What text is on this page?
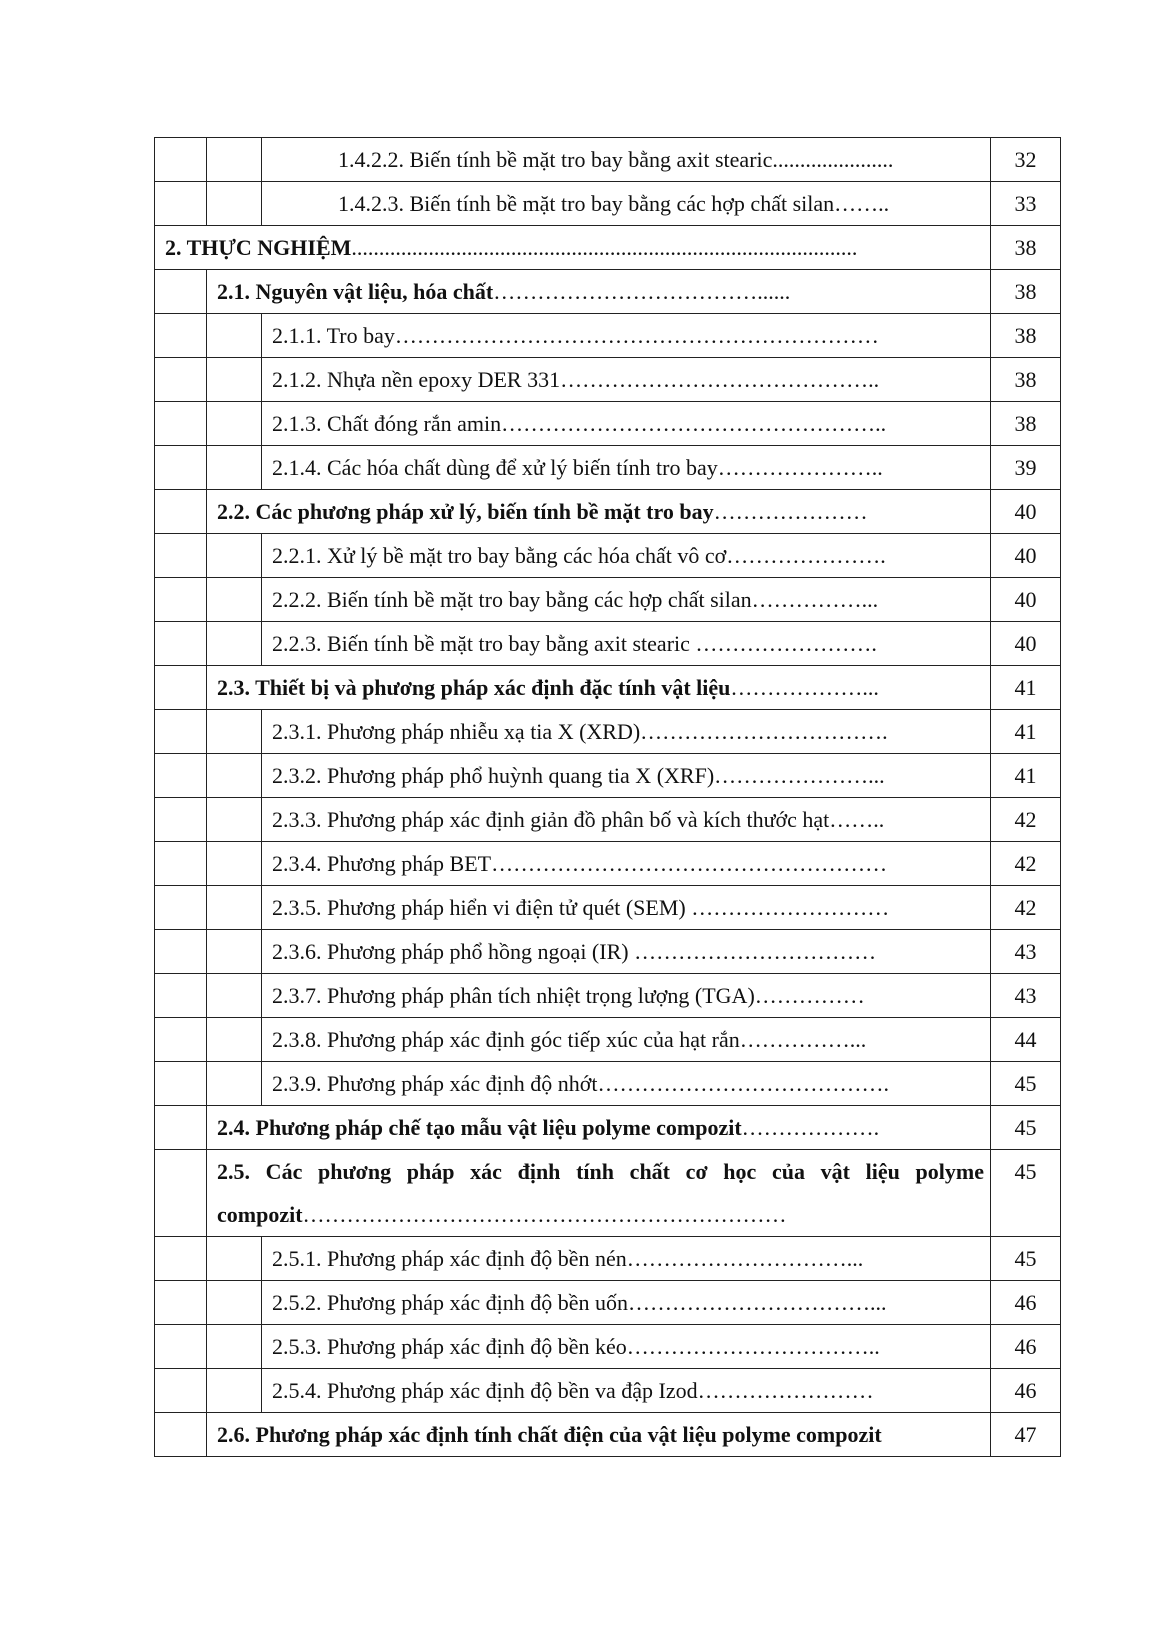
		1.4.2.2. Biến tính bề mặt tro bay bằng axit stearic......................	32
		1.4.2.3. Biến tính bề mặt tro bay bằng các hợp chất silan……..	33
2. THỰC NGHIỆM............................................................................................			38
	2.1. Nguyên vật liệu, hóa chất………………………………......		38
		2.1.1. Tro bay…………………………………………………………	38
		2.1.2. Nhựa nền epoxy DER 331……………………………………..	38
		2.1.3. Chất đóng rắn amin……………………………………………..	38
		2.1.4. Các hóa chất dùng để xử lý biến tính tro bay…………………..	39
	2.2. Các phương pháp xử lý, biến tính bề mặt tro bay…………………		40
		2.2.1. Xử lý bề mặt tro bay bằng các hóa chất vô cơ………………….	40
		2.2.2. Biến tính bề mặt tro bay bằng các hợp chất silan……………...	40
		2.2.3. Biến tính bề mặt tro bay bằng axit stearic …………………….	40
	2.3. Thiết bị và phương pháp xác định đặc tính vật liệu………………...		41
		2.3.1. Phương pháp nhiễu xạ tia X (XRD)…………………………….	41
		2.3.2. Phương pháp phổ huỳnh quang tia X (XRF)…………………...	41
		2.3.3. Phương pháp xác định giản đồ phân bố và kích thước hạt……..	42
		2.3.4. Phương pháp BET………………………………………………	42
		2.3.5. Phương pháp hiển vi điện tử quét (SEM) ………………………	42
		2.3.6. Phương pháp phổ hồng ngoại (IR) ……………………………	43
		2.3.7. Phương pháp phân tích nhiệt trọng lượng (TGA)……………	43
		2.3.8. Phương pháp xác định góc tiếp xúc của hạt rắn……………...	44
		2.3.9. Phương pháp xác định độ nhớt………………………………….	45
	2.4. Phương pháp chế tạo mẫu vật liệu polyme compozit……………….		45

	2.5. Các phương pháp xác định tính chất cơ học của vật liệu polyme
compozit…………………………………………………………		45
		2.5.1. Phương pháp xác định độ bền nén…………………………...	45
		2.5.2. Phương pháp xác định độ bền uốn……………………………...	46
		2.5.3. Phương pháp xác định độ bền kéo……………………………..	46
		2.5.4. Phương pháp xác định độ bền va đập Izod……………………	46
	2.6. Phương pháp xác định tính chất điện của vật liệu polyme compozit		47
